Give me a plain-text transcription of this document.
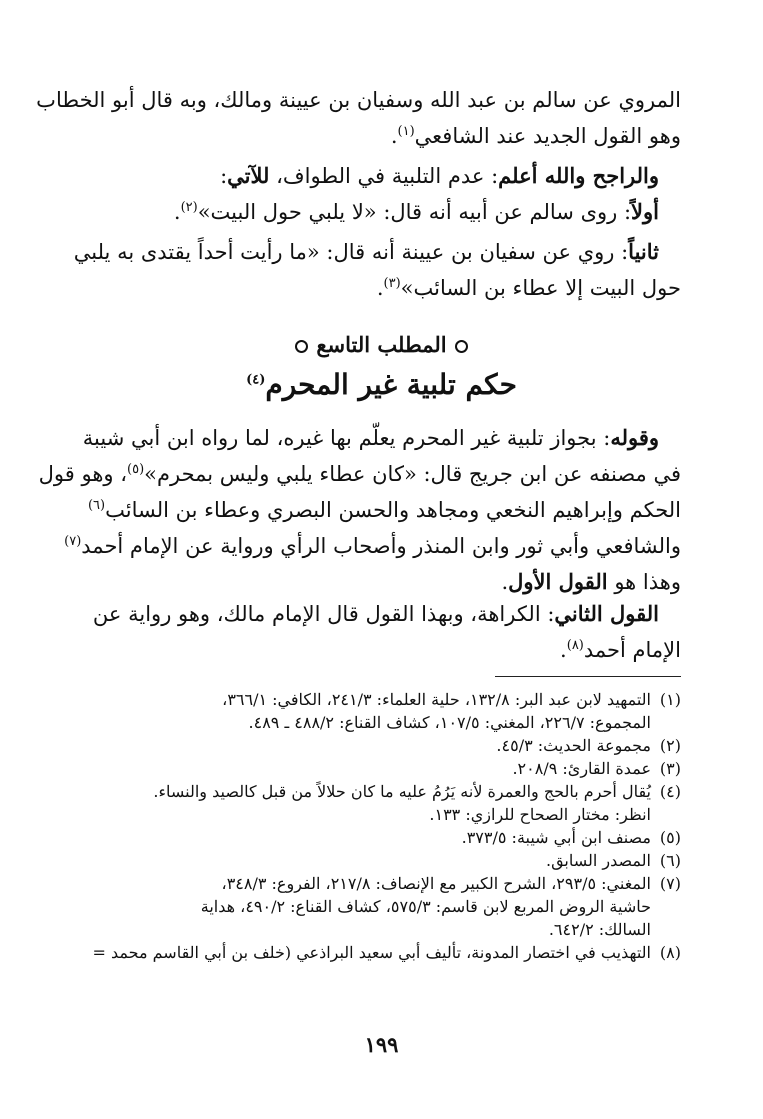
المروي عن سالم بن عبد الله وسفيان بن عيينة ومالك، وبه قال أبو الخطاب
وهو القول الجديد عند الشافعي$^{(١)}$.
والراجح والله أعلم: عدم التلبية في الطواف، للآتي:
أولاً: روى سالم عن أبيه أنه قال: «لا يلبي حول البيت»$^{(٢)}$.
ثانياً: روي عن سفيان بن عيينة أنه قال: «ما رأيت أحداً يقتدى به يلبي
حول البيت إلا عطاء بن السائب»$^{(٣)}$.
المطلب التاسع
حكم تلبية غير المحرم$^{(٤)}$
وقوله: بجواز تلبية غير المحرم يعلّم بها غيره، لما رواه ابن أبي شيبة
في مصنفه عن ابن جريج قال: «كان عطاء يلبي وليس بمحرم»$^{(٥)}$، وهو قول
الحكم وإبراهيم النخعي ومجاهد والحسن البصري وعطاء بن السائب$^{(٦)}$
والشافعي وأبي ثور وابن المنذر وأصحاب الرأي ورواية عن الإمام أحمد$^{(٧)}$
وهذا هو القول الأول.
القول الثاني: الكراهة، وبهذا القول قال الإمام مالك، وهو رواية عن
الإمام أحمد$^{(٨)}$.
(١)
التمهيد لابن عبد البر: ١٣٢/٨، حلية العلماء: ٢٤١/٣، الكافي: ٣٦٦/١،
المجموع: ٢٢٦/٧، المغني: ١٠٧/٥، كشاف القناع: ٤٨٨/٢ ـ ٤٨٩.
(٢)
مجموعة الحديث: ٤٥/٣.
(٣)
عمدة القارئ: ٢٠٨/٩.
(٤)
يُقال أحرم بالحج والعمرة لأنه يَرُمُ عليه ما كان حلالاً من قبل كالصيد والنساء.
انظر: مختار الصحاح للرازي: ١٣٣.
(٥)
مصنف ابن أبي شيبة: ٣٧٣/٥.
(٦)
المصدر السابق.
(٧)
المغني: ٢٩٣/٥، الشرح الكبير مع الإنصاف: ٢١٧/٨، الفروع: ٣٤٨/٣،
حاشية الروض المربع لابن قاسم: ٥٧٥/٣، كشاف القناع: ٤٩٠/٢، هداية
السالك: ٦٤٢/٢.
(٨)
التهذيب في اختصار المدونة، تأليف أبي سعيد البراذعي (خلف بن أبي القاسم محمد =
١٩٩
